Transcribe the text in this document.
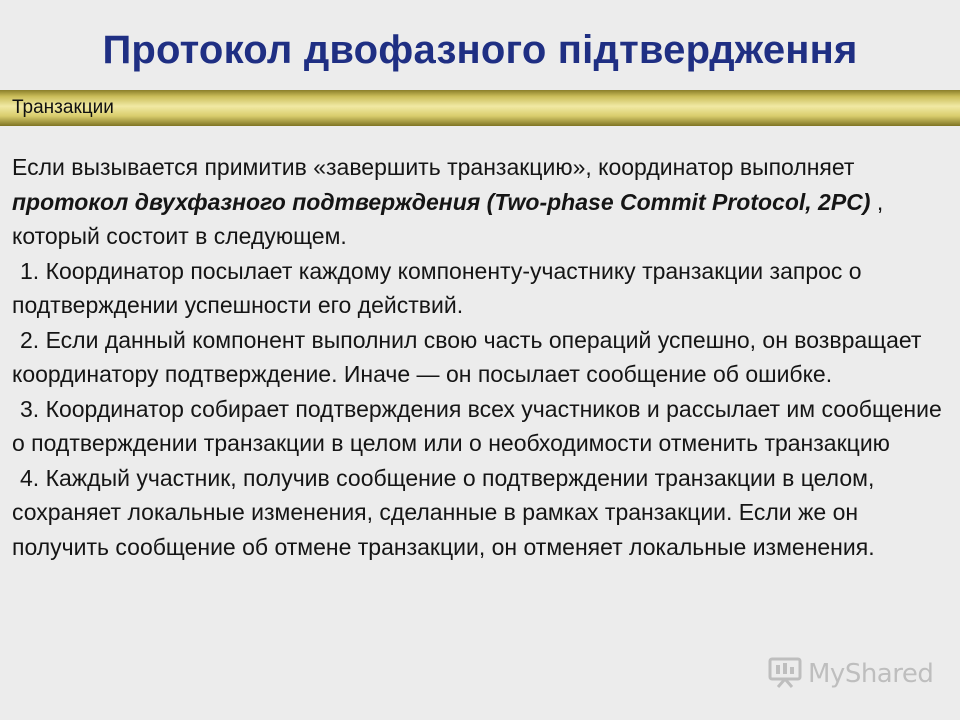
Протокол двофазного підтвердження
Транзакции

Если вызывается примитив «завершить транзакцию», координатор выполняет протокол двухфазного подтверждения (Two-phase Commit Protocol, 2PC) , который состоит в следующем.

1. Координатор посылает каждому компоненту-участнику транзакции запрос о подтверждении успешности его действий.

2. Если данный компонент выполнил свою часть операций успешно, он возвращает координатору подтверждение. Иначе — он посылает сообщение об ошибке.

3. Координатор собирает подтверждения всех участников и рассылает им сообщение о подтверждении транзакции в целом или о необходимости отменить транзакцию

4. Каждый участник, получив сообщение о подтверждении транзакции в целом, сохраняет локальные изменения, сделанные в рамках транзакции. Если же он получить сообщение об отмене транзакции, он отменяет локальные изменения.

MyShared
